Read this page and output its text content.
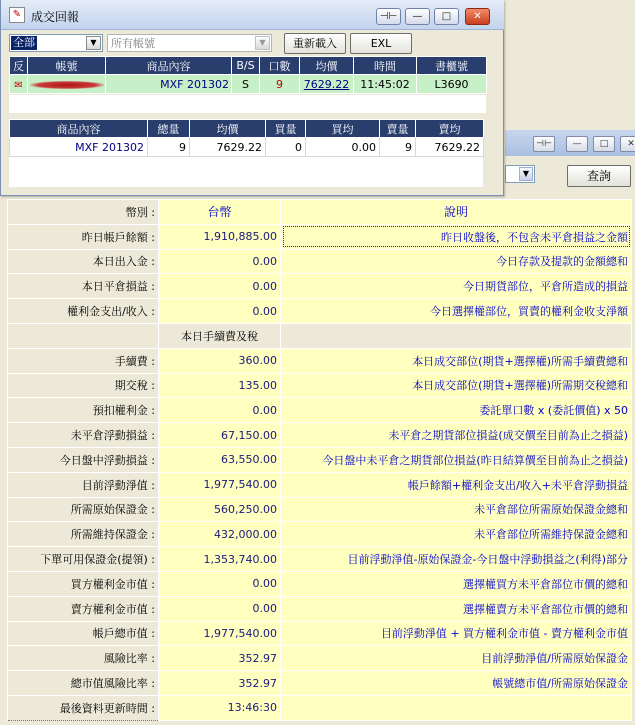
⊣⊢	—	□	✕
▼	查詢
幣別 :	台幣	說明
昨日帳戶餘額 :	1,910,885.00	昨日收盤後，不包含未平倉損益之金額
本日出入金 :	0.00	今日存款及提款的金額總和
本日平倉損益 :	0.00	今日期貨部位，平倉所造成的損益
權利金支出/收入 :	0.00	今日選擇權部位，買賣的權利金收支淨額
	本日手續費及稅	
手續費 :	360.00	本日成交部位(期貨+選擇權)所需手續費總和
期交稅 :	135.00	本日成交部位(期貨+選擇權)所需期交稅總和
預扣權利金 :	0.00	委託單口數 x (委託價值) x 50
未平倉浮動損益 :	67,150.00	未平倉之期貨部位損益(成交價至目前為止之損益)
今日盤中浮動損益 :	63,550.00	今日盤中未平倉之期貨部位損益(昨日結算價至目前為止之損益)
目前浮動淨值 :	1,977,540.00	帳戶餘額+權利金支出/收入+未平倉浮動損益
所需原始保證金 :	560,250.00	未平倉部位所需原始保證金總和
所需維持保證金 :	432,000.00	未平倉部位所需維持保證金總和
下單可用保證金(提領) :	1,353,740.00	目前浮動淨值-原始保證金-今日盤中浮動損益之(利得)部分
買方權利金市值 :	0.00	選擇權買方未平倉部位市價的總和
賣方權利金市值 :	0.00	選擇權賣方未平倉部位市價的總和
帳戶總市值 :	1,977,540.00	目前浮動淨值 + 買方權利金市值 - 賣方權利金市值
風險比率 :	352.97	目前浮動淨值/所需原始保證金
總市值風險比率 :	352.97	帳號總市值/所需原始保證金
最後資料更新時間 :	13:46:30	
✎ 成交回報	⊣⊢	—	□	✕
全部	▼	所有帳號	▼	重新載入	EXL
反	帳號	商品內容	B/S	口數	均價	時間	書櫃號
✉		MXF 201302	S	9	7629.22	11:45:02	L3690
商品內容	總量	均價	買量	買均	賣量	賣均
MXF 201302	9	7629.22	0	0.00	9	7629.22
